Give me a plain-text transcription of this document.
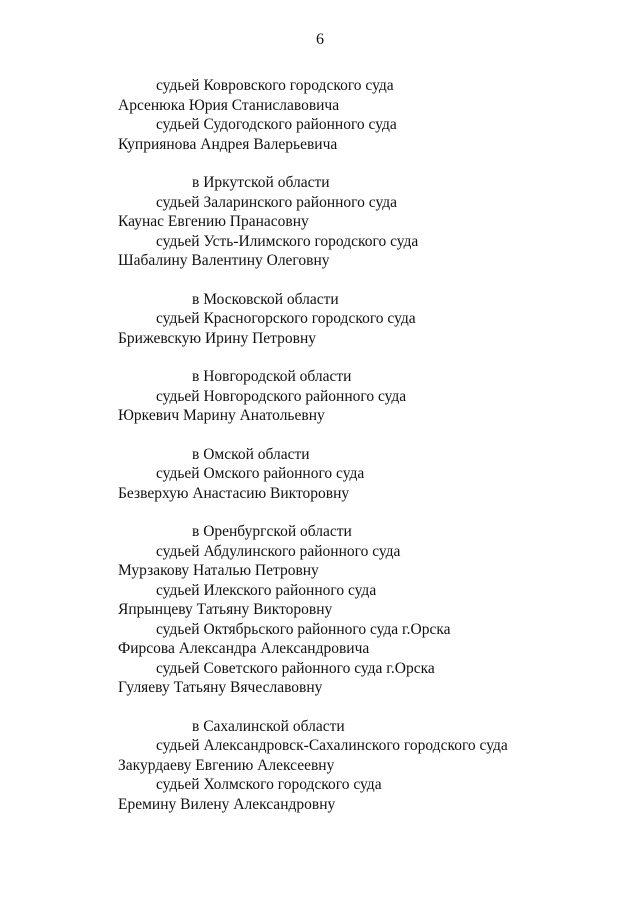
6
судьей Ковровского городского суда
Арсенюка Юрия Станиславовича
судьей Судогодского районного суда
Куприянова Андрея Валерьевича
в Иркутской области
судьей Заларинского районного суда
Каунас Евгению Пранасовну
судьей Усть-Илимского городского суда
Шабалину Валентину Олеговну
в Московской области
судьей Красногорского городского суда
Брижевскую Ирину Петровну
в Новгородской области
судьей Новгородского районного суда
Юркевич Марину Анатольевну
в Омской области
судьей Омского районного суда
Безверхую Анастасию Викторовну
в Оренбургской области
судьей Абдулинского районного суда
Мурзакову Наталью Петровну
судьей Илекского районного суда
Япрынцеву Татьяну Викторовну
судьей Октябрьского районного суда г.Орска
Фирсова Александра Александровича
судьей Советского районного суда г.Орска
Гуляеву Татьяну Вячеславовну
в Сахалинской области
судьей Александровск-Сахалинского городского суда
Закурдаеву Евгению Алексеевну
судьей Холмского городского суда
Еремину Вилену Александровну
